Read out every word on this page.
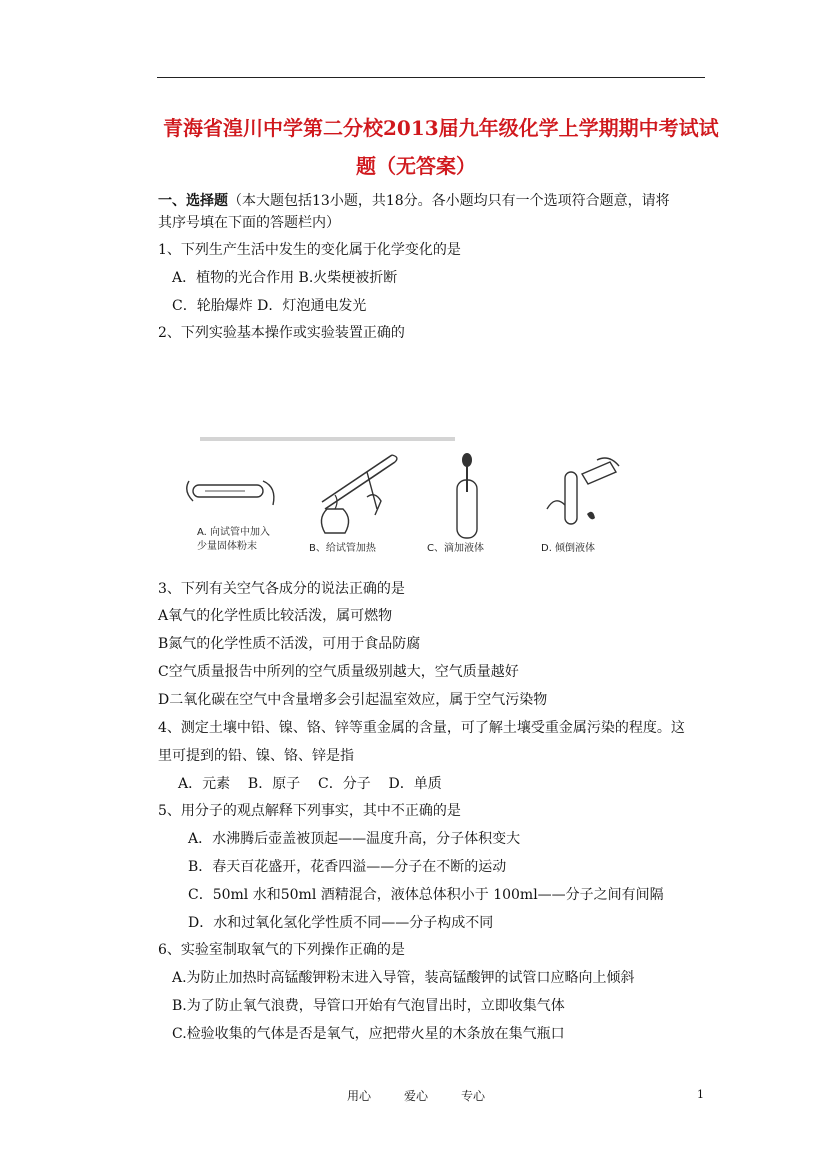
青海省湟川中学第二分校2013届九年级化学上学期期中考试试
题（无答案）
一、选择题（本大题包括13小题，共18分。各小题均只有一个选项符合题意，请将
其序号填在下面的答题栏内）
1、下列生产生活中发生的变化属于化学变化的是
A．植物的光合作用 B.火柴梗被折断
C．轮胎爆炸 D．灯泡通电发光
2、下列实验基本操作或实验装置正确的
A. 向试管中加入
少量固体粉末	B、给试管加热	C、滴加液体	D. 倾倒液体
3、下列有关空气各成分的说法正确的是
A氧气的化学性质比较活泼，属可燃物
B氮气的化学性质不活泼，可用于食品防腐
C空气质量报告中所列的空气质量级别越大，空气质量越好
D二氧化碳在空气中含量增多会引起温室效应，属于空气污染物
4、测定土壤中铅、镍、铬、锌等重金属的含量，可了解土壤受重金属污染的程度。这
里可提到的铅、镍、铬、锌是指
A．元素    B．原子    C．分子    D．单质
5、用分子的观点解释下列事实，其中不正确的是
A．水沸腾后壶盖被顶起——温度升高，分子体积变大
B．春天百花盛开，花香四溢——分子在不断的运动
C．50ml 水和50ml 酒精混合，液体总体积小于 100ml——分子之间有间隔
D．水和过氧化氢化学性质不同——分子构成不同
6、实验室制取氧气的下列操作正确的是
A.为防止加热时高锰酸钾粉末进入导管，装高锰酸钾的试管口应略向上倾斜
B.为了防止氧气浪费，导管口开始有气泡冒出时，立即收集气体
C.检验收集的气体是否是氧气，应把带火星的木条放在集气瓶口
用心	爱心	专心	1
